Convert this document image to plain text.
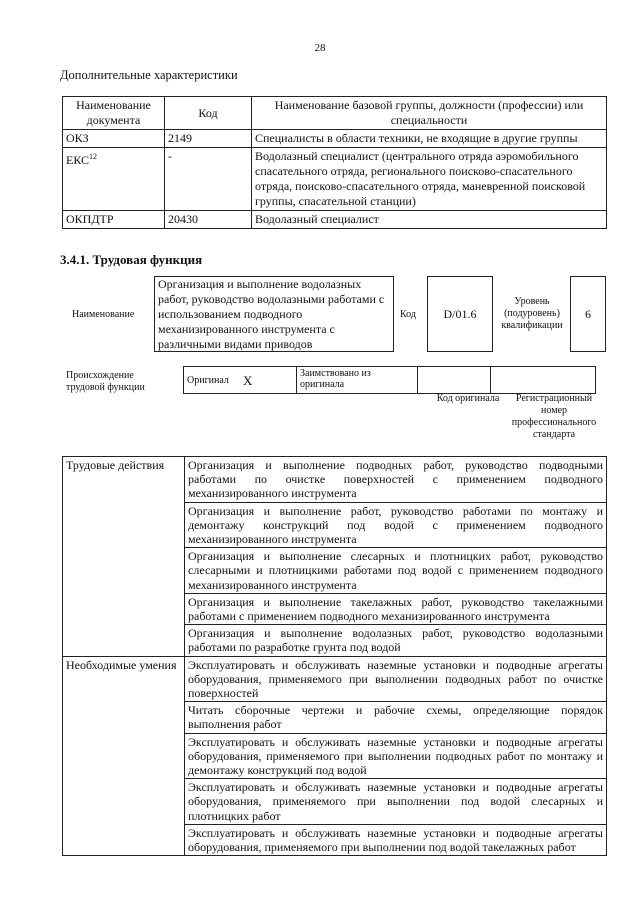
28
Дополнительные характеристики
Наименование документа	Код	Наименование базовой группы, должности (профессии) или специальности
ОКЗ	2149	Специалисты в области техники, не входящие в другие группы
ЕКС$^{12}$	-	Водолазный специалист (центрального отряда аэромобильного спасательного отряда, регионального поисково-спасательного отряда, поисково-спасательного отряда, маневренной поисковой группы, спасательной станции)
ОКПДТР	20430	Водолазный специалист
3.4.1. Трудовая функция
Наименование
Организация и выполнение водолазных работ, руководство водолазными работами с использованием подводного механизированного инструмента с различными видами приводов
Код	D/01.6
Уровень (подуровень) квалификации
6
Происхождение трудовой функции
Оригинал	X	Заимствовано из оригинала		
Код оригинала	Регистрационный номер профессионального стандарта
Трудовые действия	Организация и выполнение подводных работ, руководство подводными работами по очистке поверхностей с применением подводного механизированного инструмента
	Организация и выполнение работ, руководство работами по монтажу и демонтажу конструкций под водой с применением подводного механизированного инструмента
	Организация и выполнение слесарных и плотницких работ, руководство слесарными и плотницкими работами под водой с применением подводного механизированного инструмента
	Организация и выполнение такелажных работ, руководство такелажными работами с применением подводного механизированного инструмента
	Организация и выполнение водолазных работ, руководство водолазными работами по разработке грунта под водой
Необходимые умения	Эксплуатировать и обслуживать наземные установки и подводные агрегаты оборудования, применяемого при выполнении подводных работ по очистке поверхностей
	Читать сборочные чертежи и рабочие схемы, определяющие порядок выполнения работ
	Эксплуатировать и обслуживать наземные установки и подводные агрегаты оборудования, применяемого при выполнении подводных работ по монтажу и демонтажу конструкций под водой
	Эксплуатировать и обслуживать наземные установки и подводные агрегаты оборудования, применяемого при выполнении под водой слесарных и плотницких работ
	Эксплуатировать и обслуживать наземные установки и подводные агрегаты оборудования, применяемого при выполнении под водой такелажных работ
